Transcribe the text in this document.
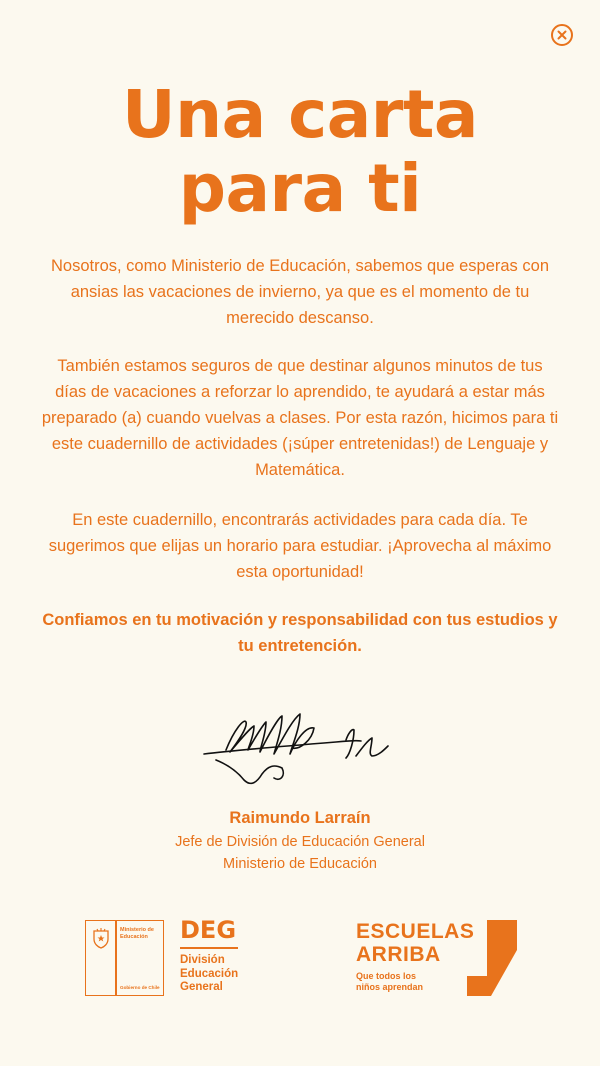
Una carta
para ti

Nosotros, como Ministerio de Educación, sabemos que esperas con ansias las vacaciones de invierno, ya que es el momento de tu merecido descanso.

También estamos seguros de que destinar algunos minutos de tus días de vacaciones a reforzar lo aprendido, te ayudará a estar más preparado (a) cuando vuelvas a clases. Por esta razón, hicimos para ti este cuadernillo de actividades (¡súper entretenidas!) de Lenguaje y Matemática.

En este cuadernillo, encontrarás actividades para cada día. Te sugerimos que elijas un horario para estudiar. ¡Aprovecha al máximo esta oportunidad!

Confiamos en tu motivación y responsabilidad con tus estudios y tu entretención.

Raimundo Larraín
Jefe de División de Educación General
Ministerio de Educación
Ministerio de
Educación
Gobierno de Chile
DEG
División
Educación
General
ESCUELAS
ARRIBA
Que todos los
niños aprendan
